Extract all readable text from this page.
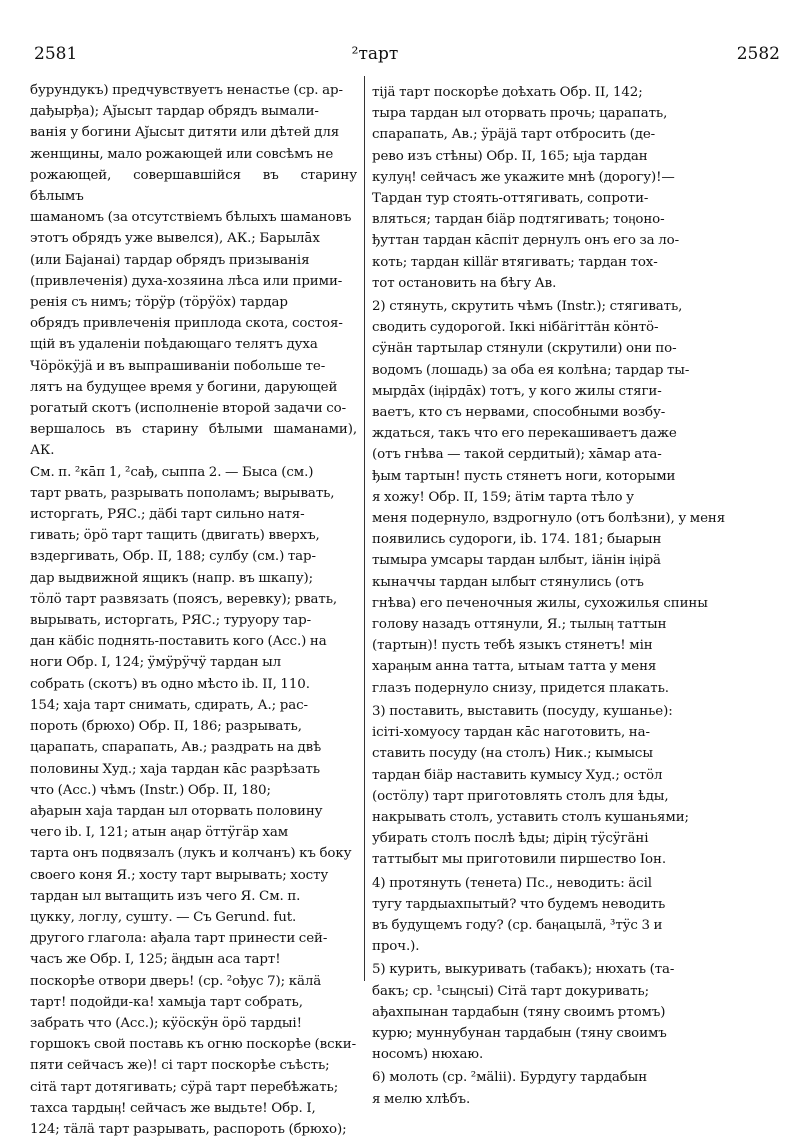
2581	²тарт	2582
бурундукъ) предчувствуетъ ненастье (ср. ар-
дађырђа); Ај̆ысыт тардар обрядъ вымали-
ванія у богини Ај̆ысыт дитяти или дѣтей для
женщины, мало рожающей или совсѣмъ не
рожающей, совершавшійся въ старину бѣлымъ
шаманомъ (за отсутствіемъ бѣлыхъ шамановъ
этотъ обрядъ уже вывелся), АК.; Барылāх
(или Бајанаі) тардар обрядъ призыванія
(привлеченія) духа-хозяина лѣса или прими-
ренія съ нимъ; тӧрӱр (тӧрӱӧх) тардар
обрядъ привлеченія приплода скота, состоя-
щій въ удаленіи поѣдающаго телятъ духа
Чӧрӧкӱјӓ и въ выпрашиваніи побольше те-
лятъ на будущее время у богини, дарующей
рогатый скотъ (исполненіе второй задачи со-
вершалось въ старину бѣлыми шаманами), АК.
См. п. ²кāп 1, ²сађ, сыппа 2. — Быса (см.)
тарт рвать, разрывать пополамъ; вырывать,
исторгать, РЯС.; дäбі тарт сильно натя-
гивать; ӧрӧ тарт тащить (двигать) вверхъ,
вздергивать, Обр. II, 188; сулбу (см.) тар-
дар выдвижной ящикъ (напр. въ шкапу);
тӧлӧ тарт развязать (поясъ, веревку); рвать,
вырывать, исторгать, РЯС.; туруору тар-
дан кäбіс поднять-поставить кого (Acc.) на
ноги Обр. I, 124; ӱмӱрӱчӱ тардан ыл
собрать (скотъ) въ одно мѣсто ib. II, 110.
154; хаја тарт снимать, сдирать, А.; рас-
пороть (брюхо) Обр. II, 186; разрывать,
царапать, спарапать, Ав.; раздрать на двѣ
половины Худ.; хаја тардан кāс разрѣзать
что (Acc.) чѣмъ (Instr.) Обр. II, 180;
ађарын хаја тардан ыл оторвать половину
чего ib. I, 121; атын аӊар ӧттӱгӓр хам
тарта онъ подвязалъ (лукъ и колчанъ) къ боку
своего коня Я.; хосту тарт вырывать; хосту
тардан ыл вытащить изъ чего Я. См. п.
цукку, логлу, сушту. — Съ Gerund. fut.
другого глагола: ађала тарт принести сей-
часъ же Обр. I, 125; äӊдын аса тарт!
поскорѣе отвори дверь! (ср. ²ођус 7); кäлä
тарт! подойди-ка! хамыја тарт собрать,
забрать что (Acc.); кӱӧскӱн ӧрӧ тардыі!
горшокъ свой поставь къ огню поскорѣе (вски-
пяти сейчасъ же)! сі тарт поскорѣе съѣсть;
сітä тарт дотягивать; сӱрä тарт перебѣжать;
тахса тардыӊ! сейчасъ же выдьте! Обр. I,
124; тäлä тарт разрывать, распороть (брюхо);
тіјä тарт поскорѣе доѣхать Обр. II, 142;
тыра тардан ыл оторвать прочь; царапать,
спарапать, Ав.; ӱрäјä тарт отбросить (де-
рево изъ стѣны) Обр. II, 165; ыја тардан
кулуӊ! сейчасъ же укажите мнѣ (дорогу)!—
Тардан тур стоять-оттягивать, сопроти-
вляться; тардан біäр подтягивать; тоӊоно-
ђуттан тардан кāспіт дернулъ онъ его за ло-
коть; тардан кіllär втягивать; тардан тох-
тот остановить на бѣгу Ав.
2) стянуть, скрутить чѣмъ (Instr.); стягивать,
сводить судорогой. Іккі нібäгіттäн кӧнтӧ-
сӱнäн тартылар стянули (скрутили) они по-
водомъ (лошадь) за оба ея колѣна; тардар ты-
мырдāх (іӊірдāх) тотъ, у кого жилы стяги-
ваетъ, кто съ нервами, способными возбу-
ждаться, такъ что его перекашиваетъ даже
(отъ гнѣва — такой сердитый); хāмар ата-
ђым тартын! пусть стянетъ ноги, которыми
я хожу! Обр. II, 159; äтім тарта тѣло у
меня подернуло, вздрогнуло (отъ болѣзни), у меня
появились судороги, ib. 174. 181; быарын
тымыра умсары тардан ылбыт, іäнін іӊірä
кыначчы тардан ылбыт стянулись (отъ
гнѣва) его печеночныя жилы, сухожилья спины
голову назадъ оттянули, Я.; тылыӊ таттын
(тартын)! пусть тебѣ языкъ стянетъ! мін
хараӊым анна татта, ытыам татта у меня
глазъ подернуло снизу, придется плакать.
3) поставить, выставить (посуду, кушанье):
ісіті-хомуосу тардан кāс наготовить, на-
ставить посуду (на столъ) Ник.; кымысы
тардан біäр наставить кумысу Худ.; остӧл
(остӧлу) тарт приготовлять столъ для ѣды,
накрывать столъ, уставить столъ кушаньями;
убирать столъ послѣ ѣды; дірің тӱсӱгäні
таттыбыт мы приготовили пиршество Іон.
4) протянуть (тенета) Пс., неводить: äсіl
тугу тардыахпытый? что будемъ неводить
въ будущемъ году? (ср. баӊацылä, ³тӱс 3 и
проч.).
5) курить, выкуривать (табакъ); нюхать (та-
бакъ; ср. ¹сыӊсыі) Сітä тарт докуривать;
ађахпынан тардабын (тяну своимъ ртомъ)
курю; муннубунан тардабын (тяну своимъ
носомъ) нюхаю.
6) молоть (ср. ²мälіі). Бурдугу тардабын
я мелю хлѣбъ.
